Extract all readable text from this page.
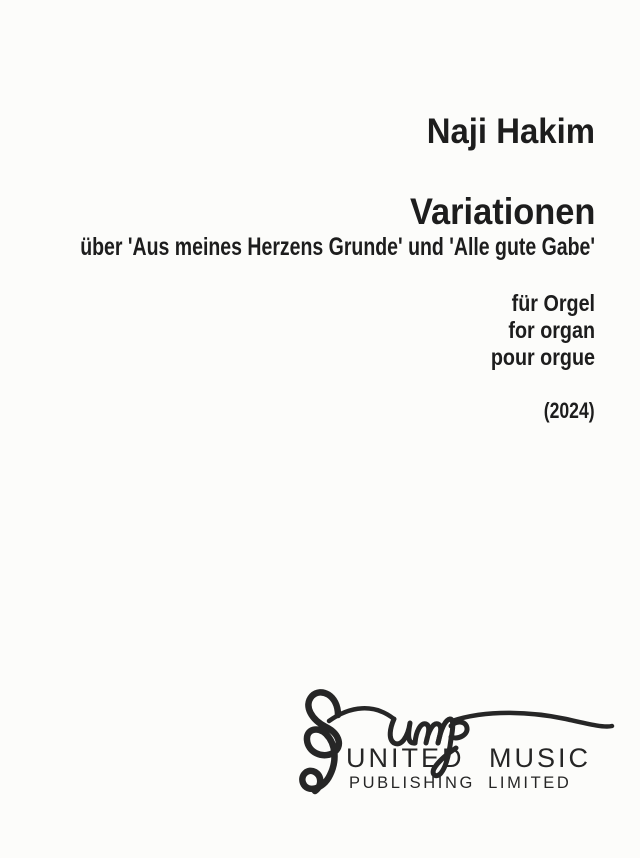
Naji Hakim
Variationen
über 'Aus meines Herzens Grunde' und 'Alle gute Gabe'
für Orgel
for organ
pour orgue
(2024)
UNITED MUSIC
PUBLISHING LIMITED
